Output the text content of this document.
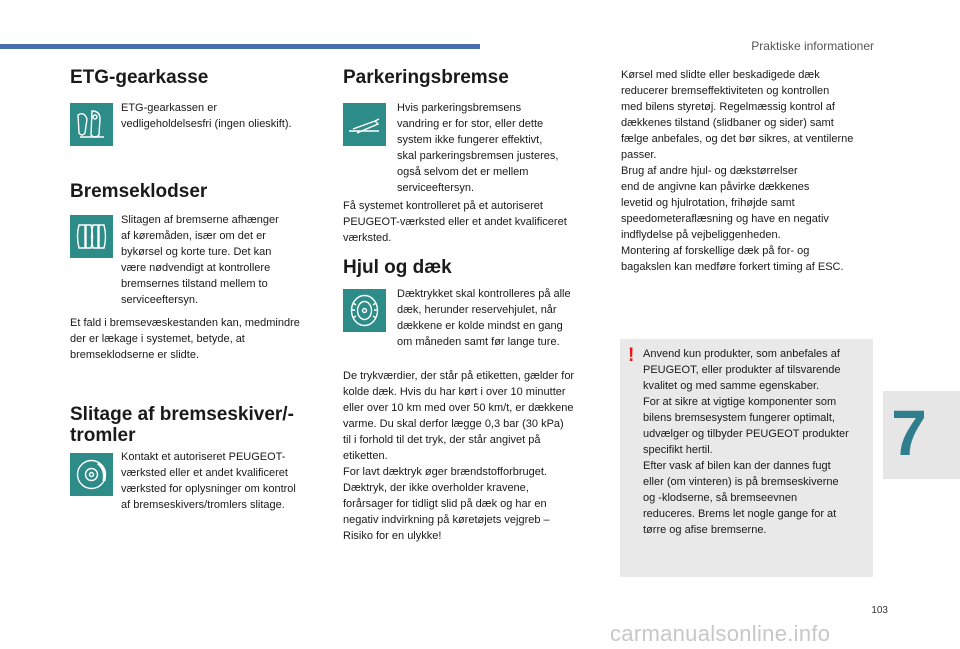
Praktiske informationer
ETG-gearkasse
ETG-gearkassen er
vedligeholdelsesfri (ingen olieskift).
Bremseklodser
Slitagen af bremserne afhænger
af køremåden, især om det er
bykørsel og korte ture. Det kan
være nødvendigt at kontrollere
bremsernes tilstand mellem to
serviceeftersyn.
Et fald i bremsevæskestanden kan, medmindre
der er lækage i systemet, betyde, at
bremseklodserne er slidte.
Slitage af bremseskiver/-
tromler
Kontakt et autoriseret PEUGEOT-
værksted eller et andet kvalificeret
værksted for oplysninger om kontrol
af bremseskivers/tromlers slitage.
Parkeringsbremse
Hvis parkeringsbremsens
vandring er for stor, eller dette
system ikke fungerer effektivt,
skal parkeringsbremsen justeres,
også selvom det er mellem
serviceeftersyn.
Få systemet kontrolleret på et autoriseret
PEUGEOT-værksted eller et andet kvalificeret
værksted.
Hjul og dæk
Dæktrykket skal kontrolleres på alle
dæk, herunder reservehjulet, når
dækkene er kolde mindst en gang
om måneden samt før lange ture.
De trykværdier, der står på etiketten, gælder for
kolde dæk. Hvis du har kørt i over 10 minutter
eller over 10 km med over 50 km/t, er dækkene
varme. Du skal derfor lægge 0,3 bar (30 kPa)
til i forhold til det tryk, der står angivet på
etiketten.
For lavt dæktryk øger brændstofforbruget.
Dæktryk, der ikke overholder kravene,
forårsager for tidligt slid på dæk og har en
negativ indvirkning på køretøjets vejgreb –
Risiko for en ulykke!
Kørsel med slidte eller beskadigede dæk
reducerer bremseffektiviteten og kontrollen
med bilens styretøj. Regelmæssig kontrol af
dækkenes tilstand (slidbaner og sider) samt
fælge anbefales, og det bør sikres, at ventilerne
passer.
Brug af andre hjul- og dækstørrelser
end de angivne kan påvirke dækkenes
levetid og hjulrotation, frihøjde samt
speedometeraflæsning og have en negativ
indflydelse på vejbeliggenheden.
Montering af forskellige dæk på for- og
bagakslen kan medføre forkert timing af ESC.
! Anvend kun produkter, som anbefales af
PEUGEOT, eller produkter af tilsvarende
kvalitet og med samme egenskaber.
For at sikre at vigtige komponenter som
bilens bremsesystem fungerer optimalt,
udvælger og tilbyder PEUGEOT produkter
specifikt hertil.
Efter vask af bilen kan der dannes fugt
eller (om vinteren) is på bremseskiverne
og -klodserne, så bremseevnen
reduceres. Brems let nogle gange for at
tørre og afise bremserne.
7
103
carmanualsonline.info
